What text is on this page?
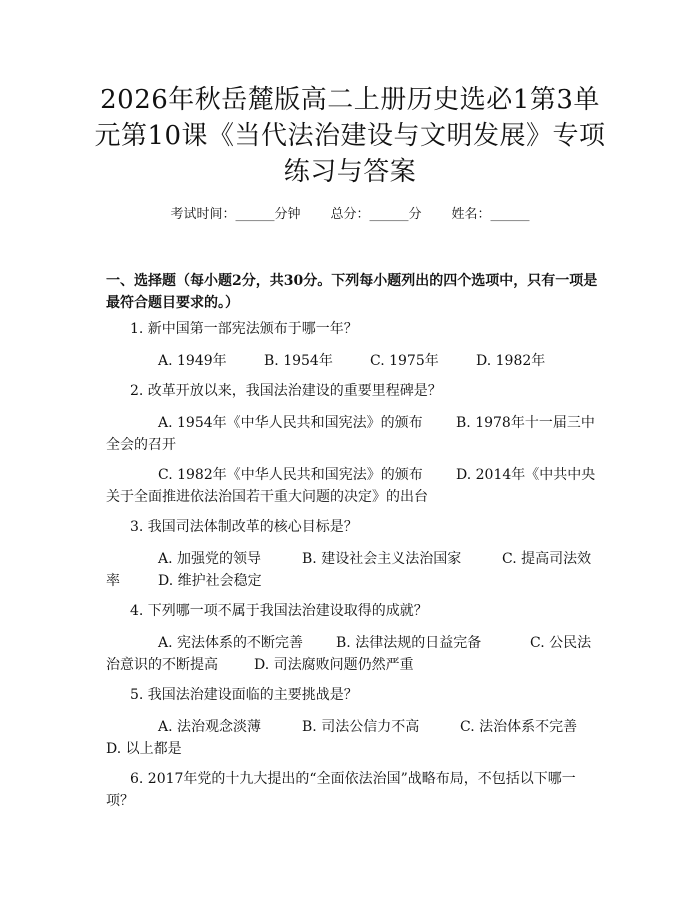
2026年秋岳麓版高二上册历史选必1第3单
元第10课《当代法治建设与文明发展》专项
练习与答案
考试时间：______分钟 总分：______分 姓名：______

一、选择题（每小题2分，共30分。下列每小题列出的四个选项中，只有一项是最符合题目要求的。）

1. 新中国第一部宪法颁布于哪一年？
A. 1949年	B. 1954年	C. 1975年	D. 1982年
2. 改革开放以来，我国法治建设的重要里程碑是？
A. 1954年《中华人民共和国宪法》的颁布 B. 1978年十一届三中
全会的召开
C. 1982年《中华人民共和国宪法》的颁布 D. 2014年《中共中央
关于全面推进依法治国若干重大问题的决定》的出台
3. 我国司法体制改革的核心目标是？
A. 加强党的领导	B. 建设社会主义法治国家	C. 提高司法效
率	D. 维护社会稳定
4. 下列哪一项不属于我国法治建设取得的成就？
A. 宪法体系的不断完善 B. 法律法规的日益完备	C. 公民法
治意识的不断提高	D. 司法腐败问题仍然严重
5. 我国法治建设面临的主要挑战是？
A. 法治观念淡薄	B. 司法公信力不高	C. 法治体系不完善
D. 以上都是
6. 2017年党的十九大提出的“全面依法治国”战略布局，不包括以下哪一
项？
